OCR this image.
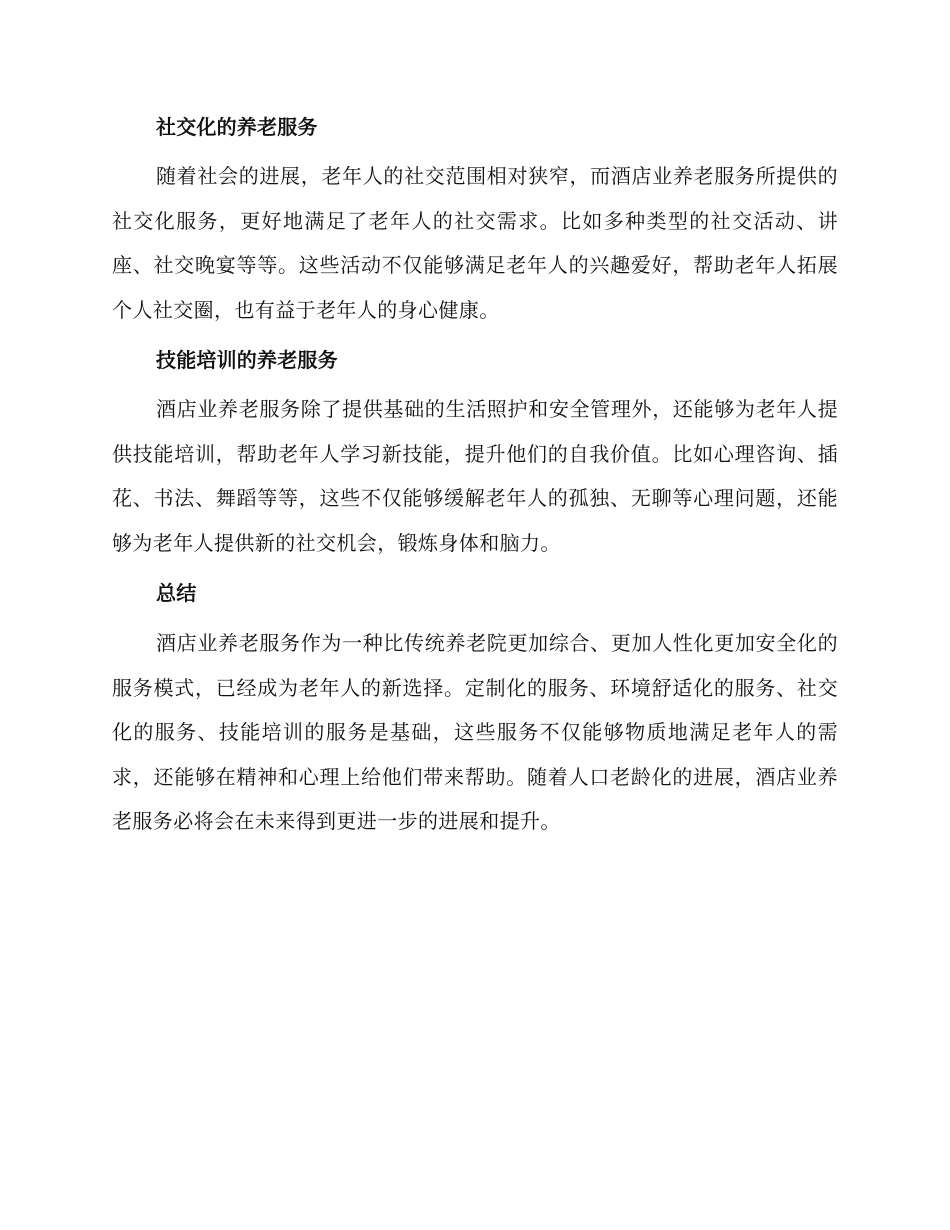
社交化的养老服务

随着社会的进展，老年人的社交范围相对狭窄，而酒店业养老服务所提供的社交化服务，更好地满足了老年人的社交需求。比如多种类型的社交活动、讲座、社交晚宴等等。这些活动不仅能够满足老年人的兴趣爱好，帮助老年人拓展个人社交圈，也有益于老年人的身心健康。

技能培训的养老服务

酒店业养老服务除了提供基础的生活照护和安全管理外，还能够为老年人提供技能培训，帮助老年人学习新技能，提升他们的自我价值。比如心理咨询、插花、书法、舞蹈等等，这些不仅能够缓解老年人的孤独、无聊等心理问题，还能够为老年人提供新的社交机会，锻炼身体和脑力。

总结

酒店业养老服务作为一种比传统养老院更加综合、更加人性化更加安全化的服务模式，已经成为老年人的新选择。定制化的服务、环境舒适化的服务、社交化的服务、技能培训的服务是基础，这些服务不仅能够物质地满足老年人的需求，还能够在精神和心理上给他们带来帮助。随着人口老龄化的进展，酒店业养老服务必将会在未来得到更进一步的进展和提升。
